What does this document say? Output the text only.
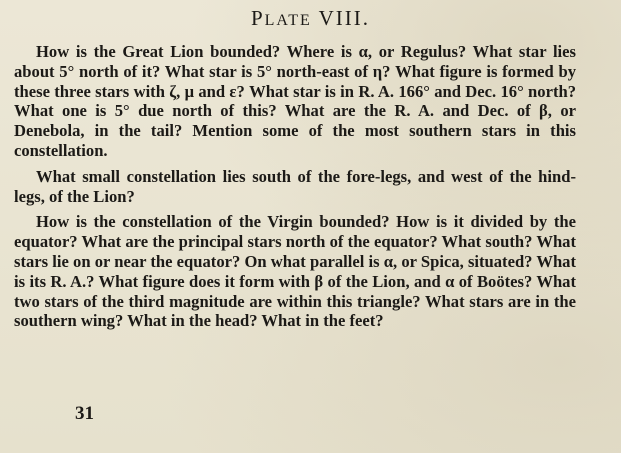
PLATE VIII.

How is the Great Lion bounded? Where is α, or Regulus? What star lies about 5° north of it? What star is 5° north-east of η? What figure is formed by these three stars with ζ, μ and ε? What star is in R. A. 166° and Dec. 16° north? What one is 5° due north of this? What are the R. A. and Dec. of β, or Denebola, in the tail? Mention some of the most southern stars in this constellation.

What small constellation lies south of the fore-legs, and west of the hind-legs, of the Lion?

How is the constellation of the Virgin bounded? How is it divided by the equator? What are the principal stars north of the equator? What south? What stars lie on or near the equator? On what parallel is α, or Spica, situated? What is its R. A.? What figure does it form with β of the Lion, and α of Boötes? What two stars of the third magnitude are within this triangle? What stars are in the southern wing? What in the head? What in the feet?

31
